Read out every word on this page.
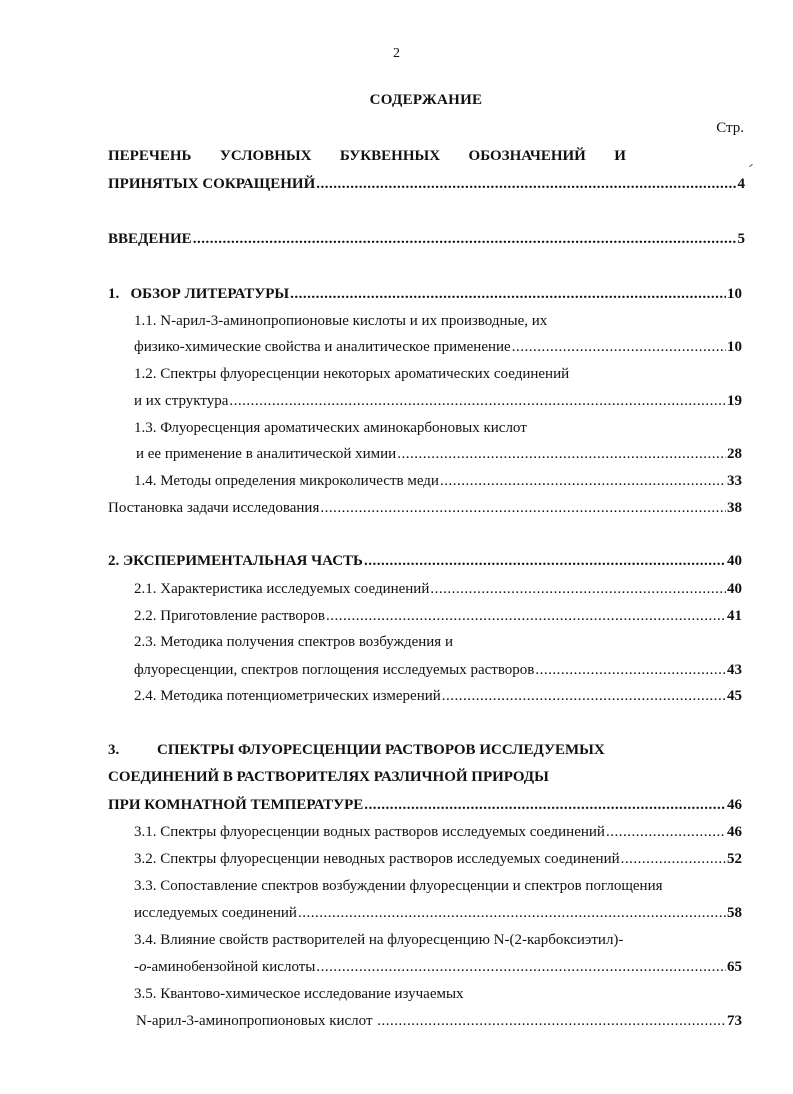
2
СОДЕРЖАНИЕ
Стр.
ПЕРЕЧЕНЬ УСЛОВНЫХ БУКВЕННЫХ ОБОЗНАЧЕНИЙ И
ПРИНЯТЫХ СОКРАЩЕНИЙ .....	4
ВВЕДЕНИЕ .....	5
1.   ОБЗОР ЛИТЕРАТУРЫ .....	10
1.1. N-арил-3-аминопропионовые кислоты и их производные, их
физико-химические свойства и аналитическое применение .....	10
1.2. Спектры флуоресценции некоторых ароматических соединений
и их структура .....	19
1.3. Флуоресценция ароматических аминокарбоновых кислот
и ее применение в аналитической химии .....	28
1.4. Методы определения микроколичеств меди .....	33
Постановка задачи исследования .....	38
2. ЭКСПЕРИМЕНТАЛЬНАЯ ЧАСТЬ .....	40
2.1. Характеристика исследуемых соединений .....	40
2.2. Приготовление растворов .....	41
2.3. Методика получения спектров возбуждения и
флуоресценции, спектров поглощения исследуемых растворов .....	43
2.4. Методика потенциометрических измерений .....	45
3.	СПЕКТРЫ ФЛУОРЕСЦЕНЦИИ РАСТВОРОВ ИССЛЕДУЕМЫХ
СОЕДИНЕНИЙ В РАСТВОРИТЕЛЯХ РАЗЛИЧНОЙ ПРИРОДЫ
ПРИ КОМНАТНОЙ ТЕМПЕРАТУРЕ .....	46
3.1. Спектры флуоресценции водных растворов исследуемых соединений .....	46
3.2. Спектры флуоресценции неводных растворов исследуемых соединений .....	52
3.3. Сопоставление спектров возбуждении флуоресценции и спектров поглощения
исследуемых соединений .....	58
3.4. Влияние свойств растворителей на флуоресценцию N-(2-карбоксиэтил)-
-о-аминобензойной кислоты .....	65
3.5. Квантово-химическое исследование изучаемых
N-арил-3-аминопропионовых кислот .....	73
